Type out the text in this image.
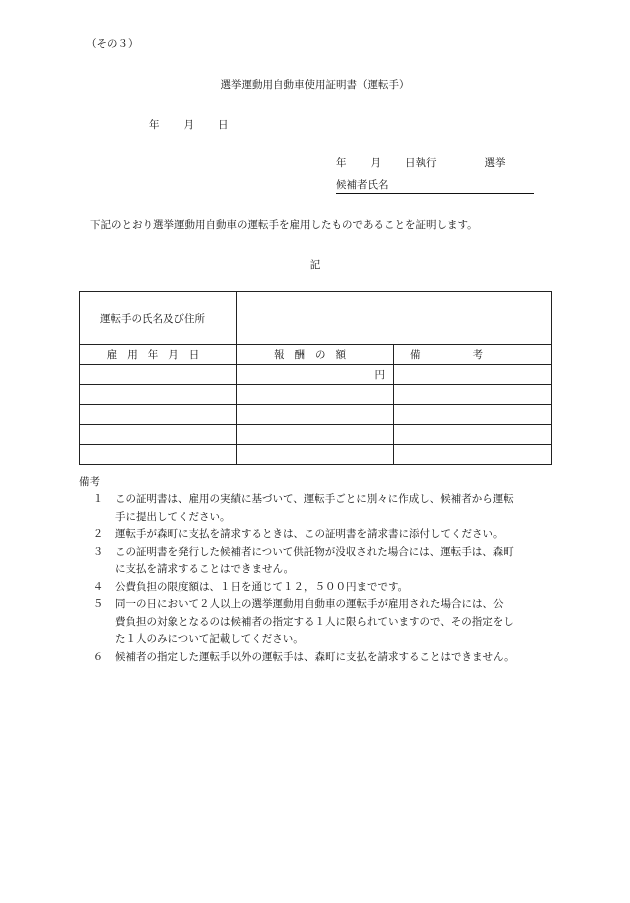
（その３）
選挙運動用自動車使用証明書（運転手）
年 月 日
年 月 日執行	選挙
候補者氏名
下記のとおり選挙運動用自動車の運転手を雇用したものであることを証明します。
記
運転手の氏名及び住所		
雇用年月日	報酬の額	備考
	円	

備考
１ この証明書は、雇用の実績に基づいて、運転手ごとに別々に作成し、候補者から運転
手に提出してください。
２ 運転手が森町に支払を請求するときは、この証明書を請求書に添付してください。
３ この証明書を発行した候補者について供託物が没収された場合には、運転手は、森町
に支払を請求することはできません。
４ 公費負担の限度額は、１日を通じて１２，５００円までです。
５ 同一の日において２人以上の選挙運動用自動車の運転手が雇用された場合には、公
費負担の対象となるのは候補者の指定する１人に限られていますので、その指定をし
た１人のみについて記載してください。
６ 候補者の指定した運転手以外の運転手は、森町に支払を請求することはできません。
